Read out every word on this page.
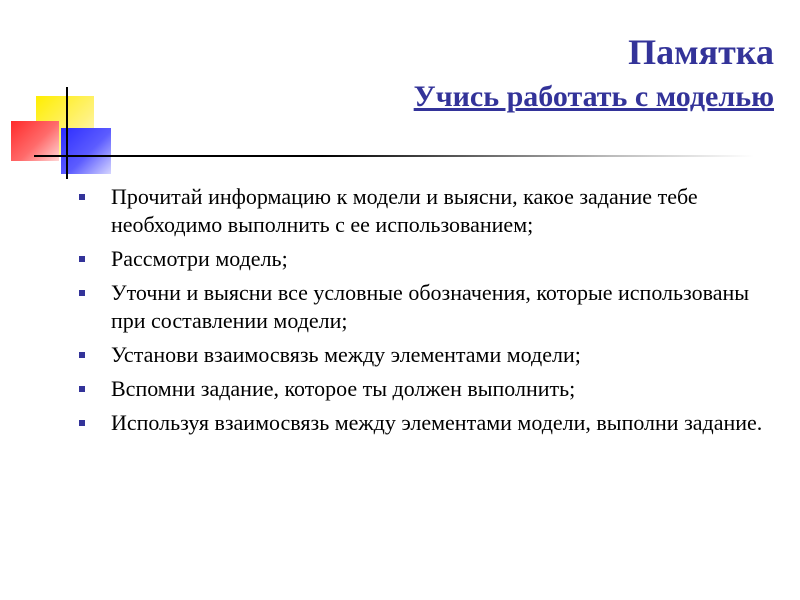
Памятка
Учись работать с моделью
Прочитай информацию к модели и выясни, какое задание тебе необходимо выполнить с ее использованием;
Рассмотри модель;
Уточни и выясни все условные обозначения, которые использованы при составлении модели;
Установи взаимосвязь между элементами модели;
Вспомни задание, которое ты должен выполнить;
Используя взаимосвязь между элементами модели, выполни задание.
